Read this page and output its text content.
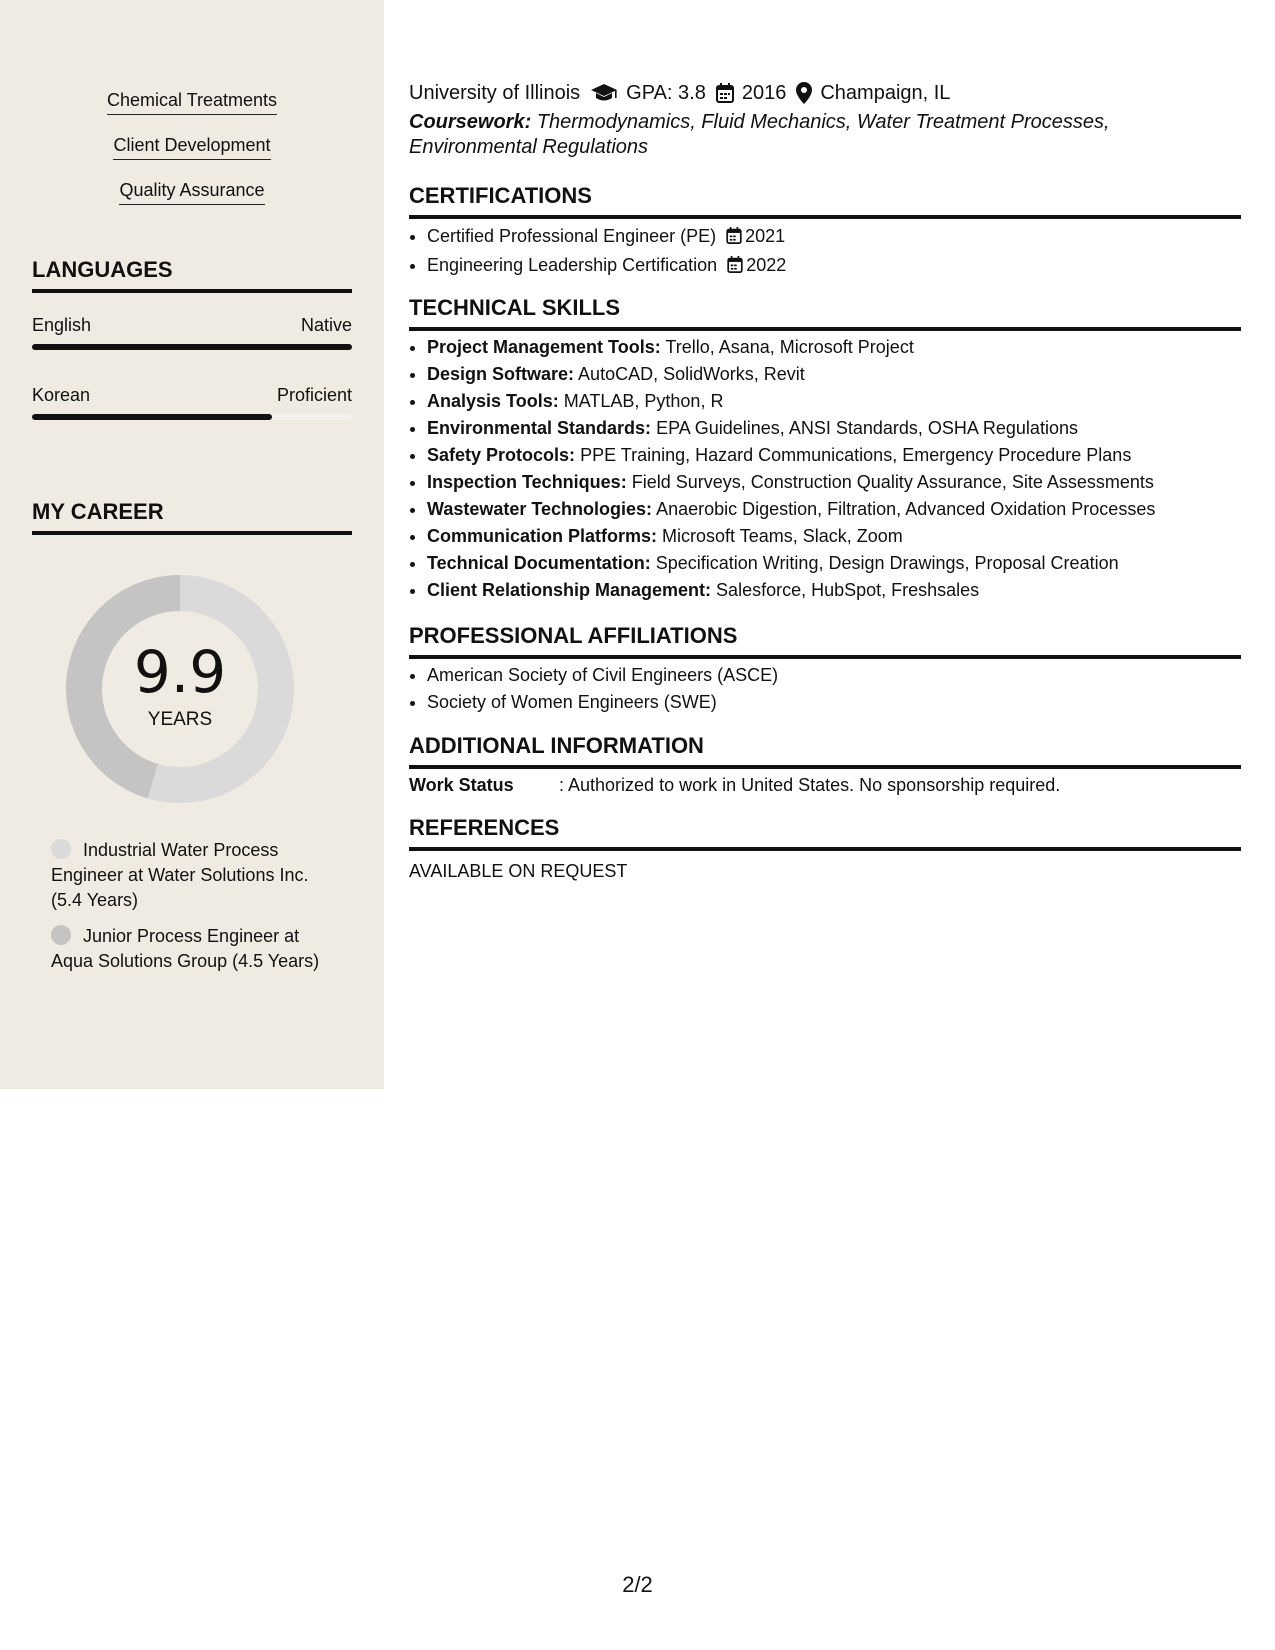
Chemical Treatments
Client Development
Quality Assurance
LANGUAGES
English	Native
Korean	Proficient
MY CAREER
9.9
YEARS
Industrial Water Process Engineer at Water Solutions Inc. (5.4 Years)
Junior Process Engineer at Aqua Solutions Group (4.5 Years)
University of Illinois GPA: 3.8 2016 Champaign, IL
Coursework: Thermodynamics, Fluid Mechanics, Water Treatment Processes, Environmental Regulations
CERTIFICATIONS
• Certified Professional Engineer (PE) 2021
• Engineering Leadership Certification 2022
TECHNICAL SKILLS
• Project Management Tools: Trello, Asana, Microsoft Project
• Design Software: AutoCAD, SolidWorks, Revit
• Analysis Tools: MATLAB, Python, R
• Environmental Standards: EPA Guidelines, ANSI Standards, OSHA Regulations
• Safety Protocols: PPE Training, Hazard Communications, Emergency Procedure Plans
• Inspection Techniques: Field Surveys, Construction Quality Assurance, Site Assessments
• Wastewater Technologies: Anaerobic Digestion, Filtration, Advanced Oxidation Processes
• Communication Platforms: Microsoft Teams, Slack, Zoom
• Technical Documentation: Specification Writing, Design Drawings, Proposal Creation
• Client Relationship Management: Salesforce, HubSpot, Freshsales
PROFESSIONAL AFFILIATIONS
• American Society of Civil Engineers (ASCE)
• Society of Women Engineers (SWE)
ADDITIONAL INFORMATION
Work Status	: Authorized to work in United States. No sponsorship required.
REFERENCES
AVAILABLE ON REQUEST
2/2
